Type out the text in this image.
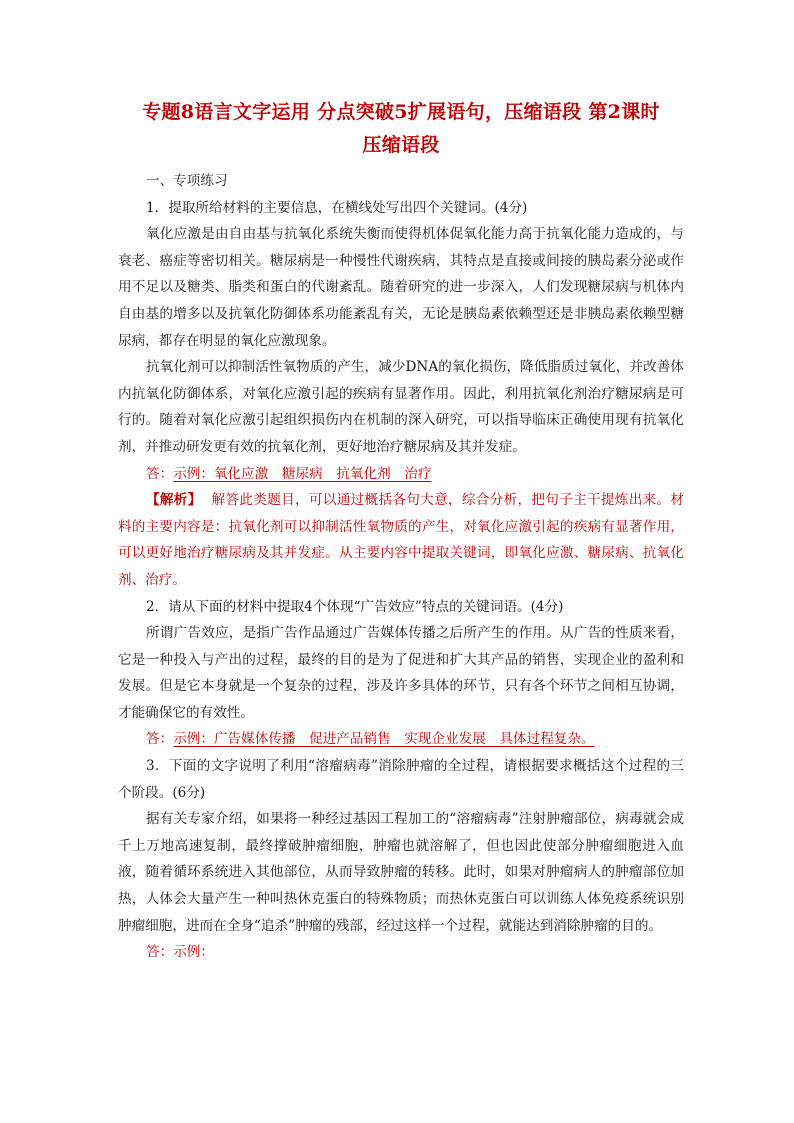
专题8语言文字运用 分点突破5扩展语句，压缩语段 第2课时
压缩语段

一、专项练习

1．提取所给材料的主要信息，在横线处写出四个关键词。(4分)

氧化应激是由自由基与抗氧化系统失衡而使得机体促氧化能力高于抗氧化能力造成的，与衰老、癌症等密切相关。糖尿病是一种慢性代谢疾病，其特点是直接或间接的胰岛素分泌或作用不足以及糖类、脂类和蛋白的代谢紊乱。随着研究的进一步深入，人们发现糖尿病与机体内自由基的增多以及抗氧化防御体系功能紊乱有关，无论是胰岛素依赖型还是非胰岛素依赖型糖尿病，都存在明显的氧化应激现象。

抗氧化剂可以抑制活性氧物质的产生，减少DNA的氧化损伤，降低脂质过氧化，并改善体内抗氧化防御体系，对氧化应激引起的疾病有显著作用。因此，利用抗氧化剂治疗糖尿病是可行的。随着对氧化应激引起组织损伤内在机制的深入研究，可以指导临床正确使用现有抗氧化剂，并推动研发更有效的抗氧化剂，更好地治疗糖尿病及其并发症。

答：示例：氧化应激　糖尿病　抗氧化剂　治疗

【解析】 解答此类题目，可以通过概括各句大意，综合分析，把句子主干提炼出来。材料的主要内容是：抗氧化剂可以抑制活性氧物质的产生，对氧化应激引起的疾病有显著作用，可以更好地治疗糖尿病及其并发症。从主要内容中提取关键词，即氧化应激、糖尿病、抗氧化剂、治疗。

2．请从下面的材料中提取4个体现“广告效应”特点的关键词语。(4分)

所谓广告效应，是指广告作品通过广告媒体传播之后所产生的作用。从广告的性质来看，它是一种投入与产出的过程，最终的目的是为了促进和扩大其产品的销售，实现企业的盈利和发展。但是它本身就是一个复杂的过程，涉及许多具体的环节，只有各个环节之间相互协调，才能确保它的有效性。

答：示例：广告媒体传播　促进产品销售　实现企业发展　具体过程复杂。

3．下面的文字说明了利用“溶瘤病毒”消除肿瘤的全过程，请根据要求概括这个过程的三个阶段。(6分)

据有关专家介绍，如果将一种经过基因工程加工的“溶瘤病毒”注射肿瘤部位，病毒就会成千上万地高速复制，最终撑破肿瘤细胞，肿瘤也就溶解了，但也因此使部分肿瘤细胞进入血液，随着循环系统进入其他部位，从而导致肿瘤的转移。此时，如果对肿瘤病人的肿瘤部位加热，人体会大量产生一种叫热休克蛋白的特殊物质；而热休克蛋白可以训练人体免疫系统识别肿瘤细胞，进而在全身“追杀”肿瘤的残部，经过这样一个过程，就能达到消除肿瘤的目的。

答：示例：
